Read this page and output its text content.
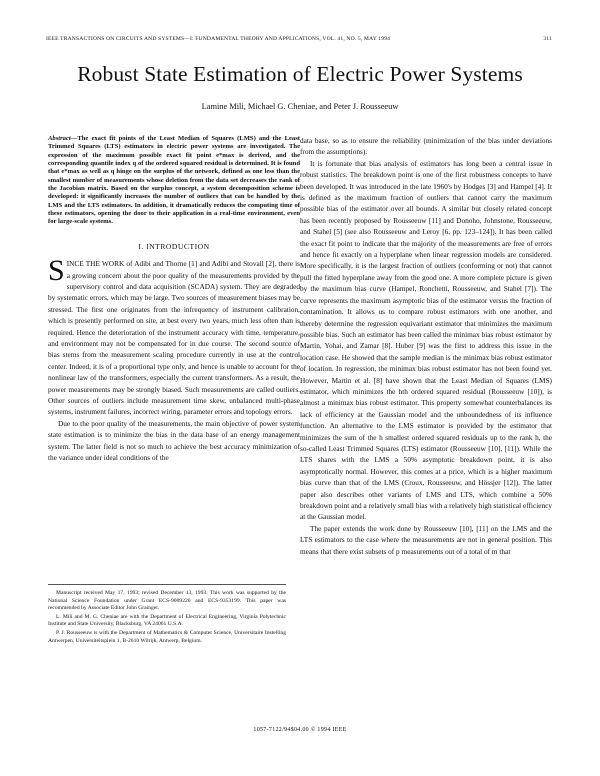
IEEE TRANSACTIONS ON CIRCUITS AND SYSTEMS—I: FUNDAMENTAL THEORY AND APPLICATIONS, VOL. 41, NO. 5, MAY 1994	311
Robust State Estimation of Electric Power Systems
Lamine Mili, Michael G. Cheniae, and Peter J. Rousseeuw

Abstract—The exact fit points of the Least Median of Squares (LMS) and the Least Trimmed Squares (LTS) estimators in electric power systems are investigated. The expression of the maximum possible exact fit point e*max is derived, and the corresponding quantile index q of the ordered squared residual is determined. It is found that e*max as well as q hinge on the surplus of the network, defined as one less than the smallest number of measurements whose deletion from the data set decreases the rank of the Jacobian matrix. Based on the surplus concept, a system decomposition scheme is developed: it significantly increases the number of outliers that can be handled by the LMS and the LTS estimators. In addition, it dramatically reduces the computing time of these estimators, opening the door to their application in a real-time environment, even for large-scale systems.

I. INTRODUCTION

SINCE THE WORK of Adibi and Thorne [1] and Adibi and Stovall [2], there is a growing concern about the poor quality of the measurements provided by the supervisory control and data acquisition (SCADA) system. They are degraded by systematic errors, which may be large. Two sources of measurement biases may be stressed. The first one originates from the infrequency of instrument calibration, which is presently performed on site, at best every two years, much less often than is required. Hence the deterioration of the instrument accuracy with time, temperature, and environment may not be compensated for in due course. The second source of bias stems from the measurement scaling procedure currently in use at the control center. Indeed, it is of a proportional type only, and hence is unable to account for the nonlinear law of the transformers, especially the current transformers. As a result, the power measurements may be strongly biased. Such measurements are called outliers. Other sources of outliers include measurement time skew, unbalanced multi-phase systems, instrument failures, incorrect wiring, parameter errors and topology errors.

Due to the poor quality of the measurements, the main objective of power system state estimation is to minimize the bias in the data base of an energy management system. The latter field is not so much to achieve the best accuracy minimization of the variance under ideal conditions of the

Manuscript received May 17, 1993; revised December 13, 1993. This work was supported by the National Science Foundation under Grant ECS-9009220 and ECS-9353199. This paper was recommended by Associate Editor John Grainger.

L. Mili and M. G. Cheniae are with the Department of Electrical Engineering, Virginia Polytechnic Institute and State University, Blacksburg, VA 24061 U.S.A.

P. J. Rousseeuw is with the Department of Mathematics & Computer Science, Universitaire Instelling Antwerpen, Universiteitsplein 1, B-2610 Wilrijk, Antwerp, Belgium.

data base, so as to ensure the reliability (minimization of the bias under deviations from the assumptions).

It is fortunate that bias analysis of estimators has long been a central issue in robust statistics. The breakdown point is one of the first robustness concepts to have been developed. It was introduced in the late 1960's by Hodges [3] and Hampel [4]. It is defined as the maximum fraction of outliers that cannot carry the maximum possible bias of the estimator over all bounds. A similar but closely related concept has been recently proposed by Rousseeuw [11] and Donoho, Johnstone, Rousseeuw, and Stahel [5] (see also Rousseeuw and Leroy [6, pp. 123–124]). It has been called the exact fit point to indicate that the majority of the measurements are free of errors and hence fit exactly on a hyperplane when linear regression models are considered. More specifically, it is the largest fraction of outliers (conforming or not) that cannot pull the fitted hyperplane away from the good one. A more complete picture is given by the maximum bias curve (Hampel, Ronchetti, Rousseeuw, and Stahel [7]). The curve represents the maximum asymptotic bias of the estimator versus the fraction of contamination. It allows us to compare robust estimators with one another, and thereby determine the regression equivariant estimator that minimizes the maximum possible bias. Such an estimator has been called the minimax bias robust estimator by Martin, Yohai, and Zamar [8]. Huber [9] was the first to address this issue in the location case. He showed that the sample median is the minimax bias robust estimator of location. In regression, the minimax bias robust estimator has not been found yet. However, Martin et al. [8] have shown that the Least Median of Squares (LMS) estimator, which minimizes the hth ordered squared residual (Rousseeuw [10]), is almost a minimax bias robust estimator. This property somewhat counterbalances its lack of efficiency at the Gaussian model and the unboundedness of its influence function. An alternative to the LMS estimator is provided by the estimator that minimizes the sum of the h smallest ordered squared residuals up to the rank h, the so-called Least Trimmed Squares (LTS) estimator (Rousseeuw [10], [11]). While the LTS shares with the LMS a 50% asymptotic breakdown point, it is also asymptotically normal. However, this comes at a price, which is a higher maximum bias curve than that of the LMS (Croux, Rousseeuw, and Hössjer [12]). The latter paper also describes other variants of LMS and LTS, which combine a 50% breakdown point and a relatively small bias with a relatively high statistical efficiency at the Gaussian model.

The paper extends the work done by Rousseeuw [10], [11] on the LMS and the LTS estimators to the case where the measurements are not in general position. This means that there exist subsets of p measurements out of a total of m that

1057-7122/94$04.00 © 1994 IEEE
